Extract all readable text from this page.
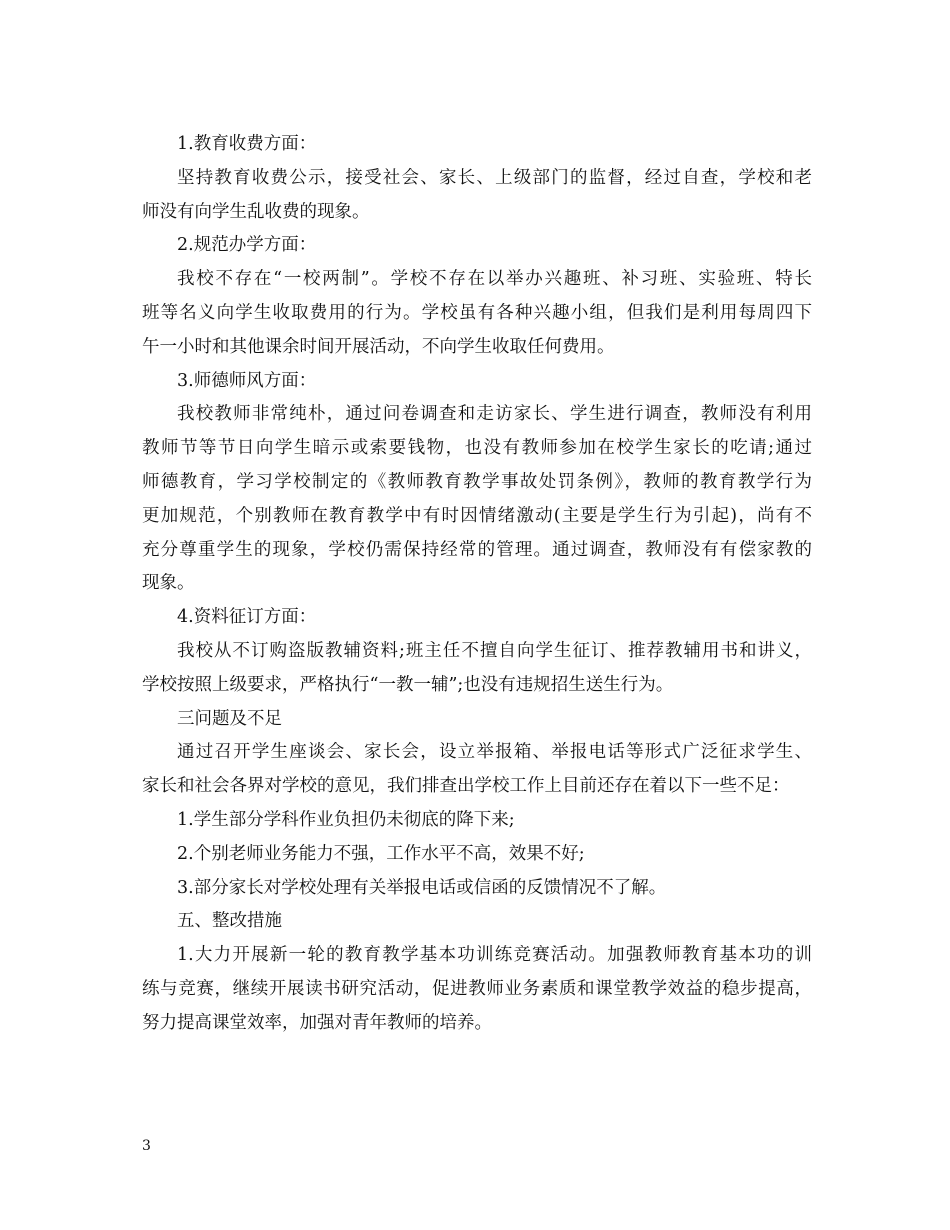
1.教育收费方面：
坚持教育收费公示，接受社会、家长、上级部门的监督，经过自查，学校和老
师没有向学生乱收费的现象。
2.规范办学方面：
我校不存在“一校两制”。学校不存在以举办兴趣班、补习班、实验班、特长
班等名义向学生收取费用的行为。学校虽有各种兴趣小组，但我们是利用每周四下
午一小时和其他课余时间开展活动，不向学生收取任何费用。
3.师德师风方面：
我校教师非常纯朴，通过问卷调查和走访家长、学生进行调查，教师没有利用
教师节等节日向学生暗示或索要钱物，也没有教师参加在校学生家长的吃请;通过
师德教育，学习学校制定的《教师教育教学事故处罚条例》，教师的教育教学行为
更加规范，个别教师在教育教学中有时因情绪激动(主要是学生行为引起)，尚有不
充分尊重学生的现象，学校仍需保持经常的管理。通过调查，教师没有有偿家教的
现象。
4.资料征订方面：
我校从不订购盗版教辅资料;班主任不擅自向学生征订、推荐教辅用书和讲义，
学校按照上级要求，严格执行“一教一辅”;也没有违规招生送生行为。
三问题及不足
通过召开学生座谈会、家长会，设立举报箱、举报电话等形式广泛征求学生、
家长和社会各界对学校的意见，我们排查出学校工作上目前还存在着以下一些不足：
1.学生部分学科作业负担仍未彻底的降下来;
2.个别老师业务能力不强，工作水平不高，效果不好;
3.部分家长对学校处理有关举报电话或信函的反馈情况不了解。
五、整改措施
1.大力开展新一轮的教育教学基本功训练竞赛活动。加强教师教育基本功的训
练与竞赛，继续开展读书研究活动，促进教师业务素质和课堂教学效益的稳步提高，
努力提高课堂效率，加强对青年教师的培养。
3
